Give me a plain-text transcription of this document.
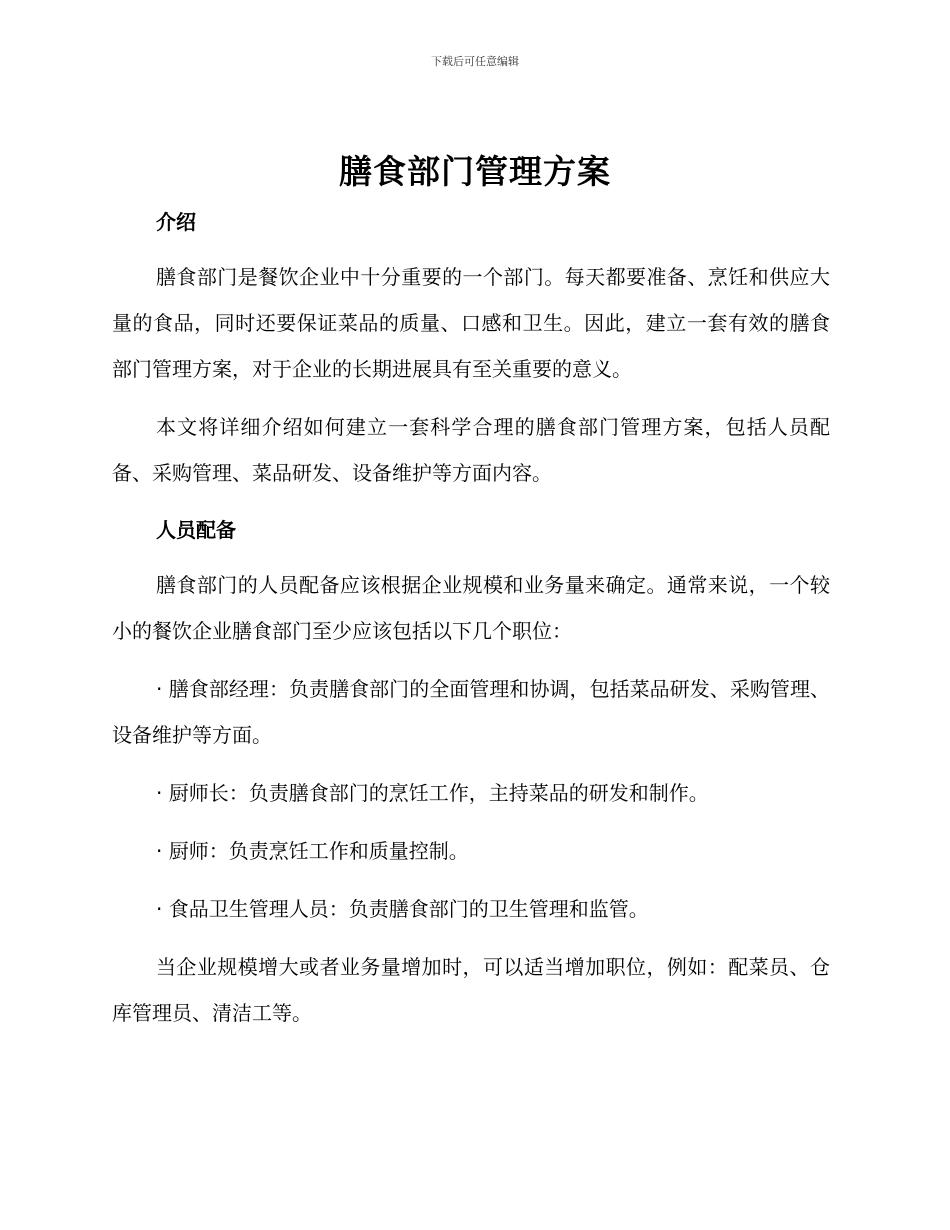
下载后可任意编辑
膳食部门管理方案
介绍

膳食部门是餐饮企业中十分重要的一个部门。每天都要准备、烹饪和供应大量的食品，同时还要保证菜品的质量、口感和卫生。因此，建立一套有效的膳食部门管理方案，对于企业的长期进展具有至关重要的意义。

本文将详细介绍如何建立一套科学合理的膳食部门管理方案，包括人员配备、采购管理、菜品研发、设备维护等方面内容。

人员配备

膳食部门的人员配备应该根据企业规模和业务量来确定。通常来说，一个较小的餐饮企业膳食部门至少应该包括以下几个职位：

· 膳食部经理：负责膳食部门的全面管理和协调，包括菜品研发、采购管理、设备维护等方面。

· 厨师长：负责膳食部门的烹饪工作，主持菜品的研发和制作。

· 厨师：负责烹饪工作和质量控制。

· 食品卫生管理人员：负责膳食部门的卫生管理和监管。

当企业规模增大或者业务量增加时，可以适当增加职位，例如：配菜员、仓库管理员、清洁工等。
